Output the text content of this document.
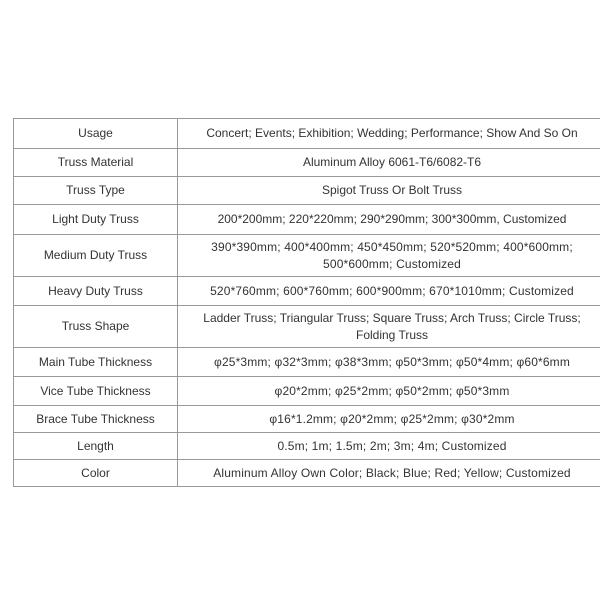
Usage	Concert; Events; Exhibition; Wedding; Performance; Show And So On
Truss Material	Aluminum Alloy 6061-T6/6082-T6
Truss Type	Spigot Truss Or Bolt Truss
Light Duty Truss	200*200mm; 220*220mm; 290*290mm; 300*300mm, Customized
Medium Duty Truss	390*390mm; 400*400mm; 450*450mm; 520*520mm; 400*600mm; 500*600mm; Customized
Heavy Duty Truss	520*760mm; 600*760mm; 600*900mm; 670*1010mm; Customized
Truss Shape	Ladder Truss; Triangular Truss; Square Truss; Arch Truss; Circle Truss; Folding Truss
Main Tube Thickness	φ25*3mm; φ32*3mm; φ38*3mm; φ50*3mm; φ50*4mm; φ60*6mm
Vice Tube Thickness	φ20*2mm; φ25*2mm; φ50*2mm; φ50*3mm
Brace Tube Thickness	φ16*1.2mm; φ20*2mm; φ25*2mm; φ30*2mm
Length	0.5m; 1m; 1.5m; 2m; 3m; 4m; Customized
Color	Aluminum Alloy Own Color; Black; Blue; Red; Yellow; Customized
